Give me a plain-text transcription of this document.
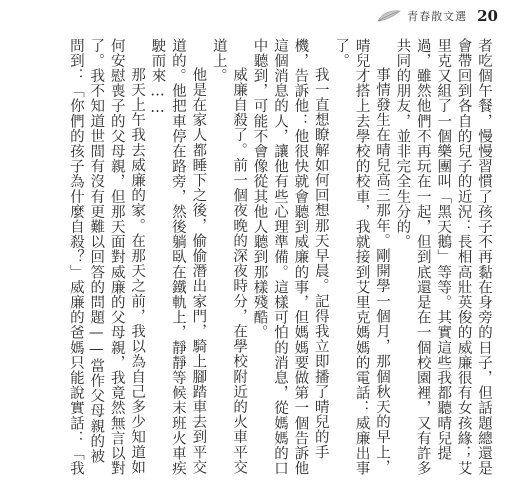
青春散文選 20

者吃個午餐，慢慢習慣了孩子不再黏在身旁的日子，但話題總還是會帶回到各自的兒子的近況：長相高壯英俊的威廉很有女孩緣；艾里克又組了一個樂團叫「黑天鵝」等等。其實這些我都聽晴兒提過，雖然他們不再玩在一起，但到底還是在一個校園裡，又有許多共同的朋友，並非完全生分的。

事情發生在晴兒高三那年。剛開學一個月，那個秋天的早上，晴兒才搭上去學校的校車，我就接到艾里克媽媽的電話：威廉出事了。

我一直想瞭解如何回想那天早晨。記得我立即播了晴兒的手機，告訴他：他很快就會聽到威廉的事，但媽媽要做第一個告訴他這個消息的人，讓他有些心理準備。這樣可怕的消息，從媽媽的口中聽到，可能不會像從其他人聽到那樣殘酷。

威廉自殺了。前一個夜晚的深夜時分，在學校附近的火車平交道上。

他是在家人都睡下之後，偷偷潛出家門，騎上腳踏車去到平交道的。他把車停在路旁，然後躺臥在鐵軌上，靜靜等候末班火車疾駛而來……

那天上午我去威廉的家。在那天之前，我以為自己多少知道如何安慰喪子的父母親，但那天面對威廉的父母親，我竟然無言以對了。我不知道世間有沒有更難以回答的問題——當作父母親的被問到：「你們的孩子為什麼自殺？」威廉的爸媽只能說實話：「我
